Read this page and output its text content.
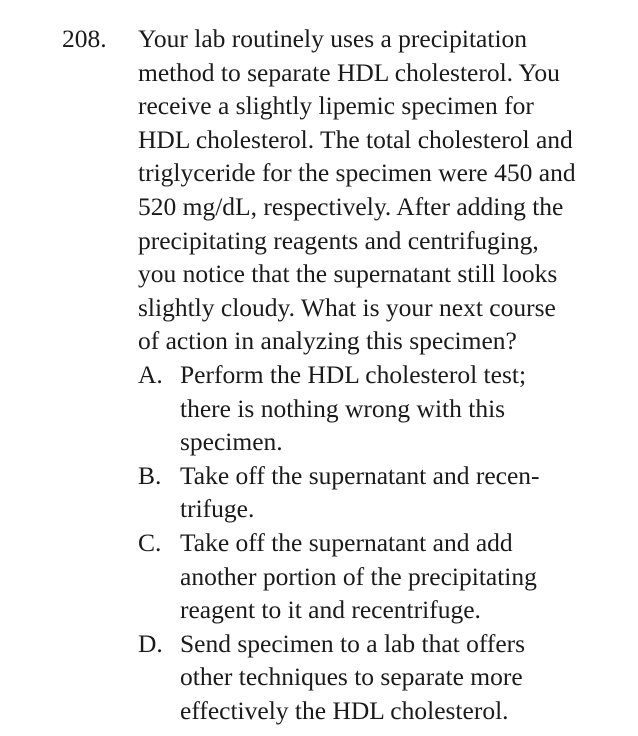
208.	Your lab routinely uses a precipitation
method to separate HDL cholesterol. You
receive a slightly lipemic specimen for
HDL cholesterol. The total cholesterol and
triglyceride for the specimen were 450 and
520 mg/dL, respectively. After adding the
precipitating reagents and centrifuging,
you notice that the supernatant still looks
slightly cloudy. What is your next course
of action in analyzing this specimen?
A. Perform the HDL cholesterol test;
there is nothing wrong with this
specimen.
B. Take off the supernatant and recen-
trifuge.
C. Take off the supernatant and add
another portion of the precipitating
reagent to it and recentrifuge.
D. Send specimen to a lab that offers
other techniques to separate more
effectively the HDL cholesterol.
